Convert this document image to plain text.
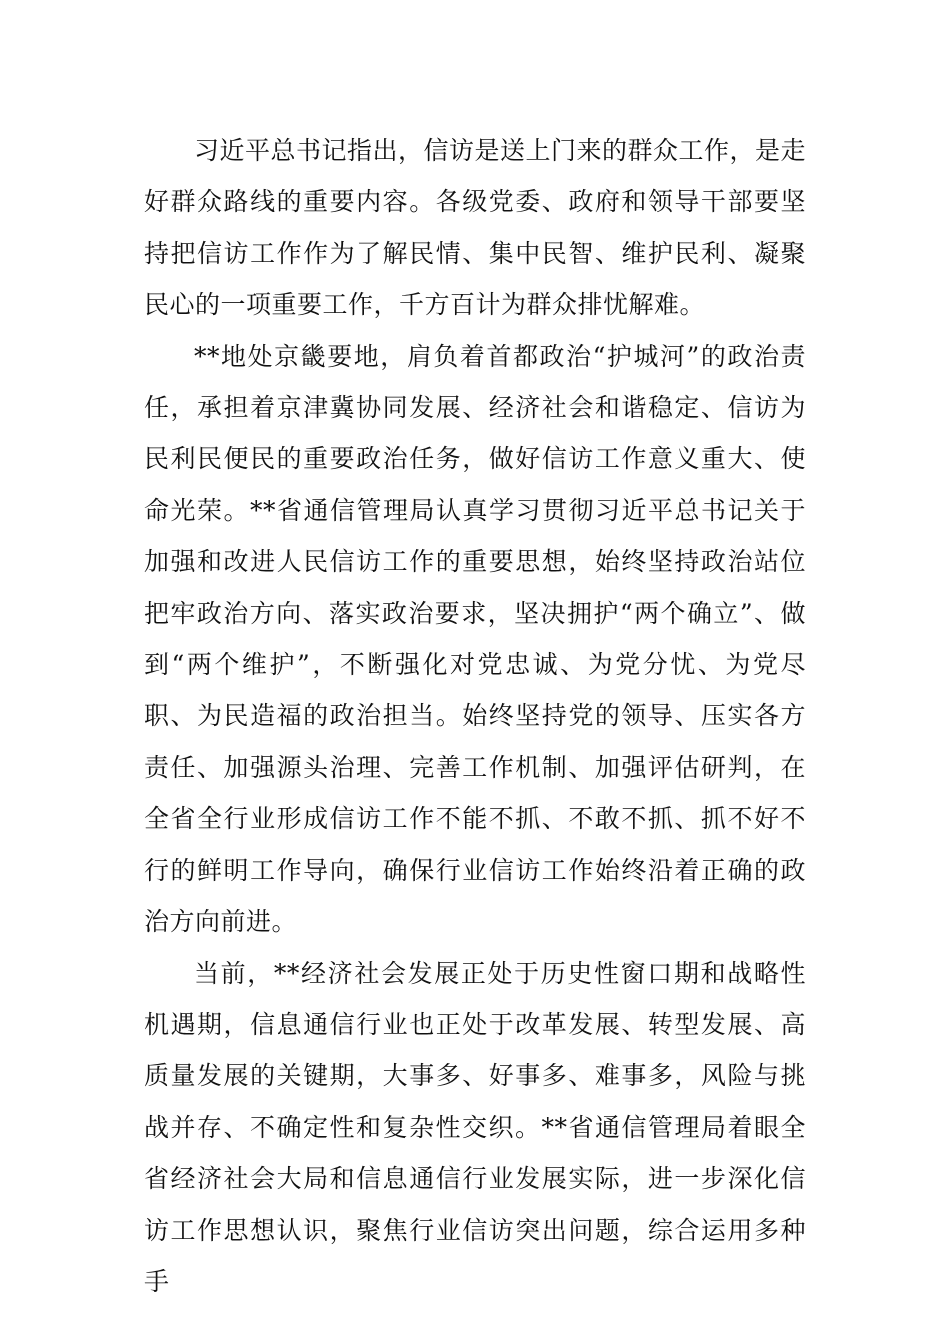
习近平总书记指出，信访是送上门来的群众工作，是走好群众路线的重要内容。各级党委、政府和领导干部要坚持把信访工作作为了解民情、集中民智、维护民利、凝聚民心的一项重要工作，千方百计为群众排忧解难。

**地处京畿要地，肩负着首都政治“护城河”的政治责任，承担着京津冀协同发展、经济社会和谐稳定、信访为民利民便民的重要政治任务，做好信访工作意义重大、使命光荣。**省通信管理局认真学习贯彻习近平总书记关于加强和改进人民信访工作的重要思想，始终坚持政治站位把牢政治方向、落实政治要求，坚决拥护“两个确立”、做到“两个维护”，不断强化对党忠诚、为党分忧、为党尽职、为民造福的政治担当。始终坚持党的领导、压实各方责任、加强源头治理、完善工作机制、加强评估研判，在全省全行业形成信访工作不能不抓、不敢不抓、抓不好不行的鲜明工作导向，确保行业信访工作始终沿着正确的政治方向前进。

当前，**经济社会发展正处于历史性窗口期和战略性机遇期，信息通信行业也正处于改革发展、转型发展、高质量发展的关键期，大事多、好事多、难事多，风险与挑战并存、不确定性和复杂性交织。**省通信管理局着眼全省经济社会大局和信息通信行业发展实际，进一步深化信访工作思想认识，聚焦行业信访突出问题，综合运用多种手
